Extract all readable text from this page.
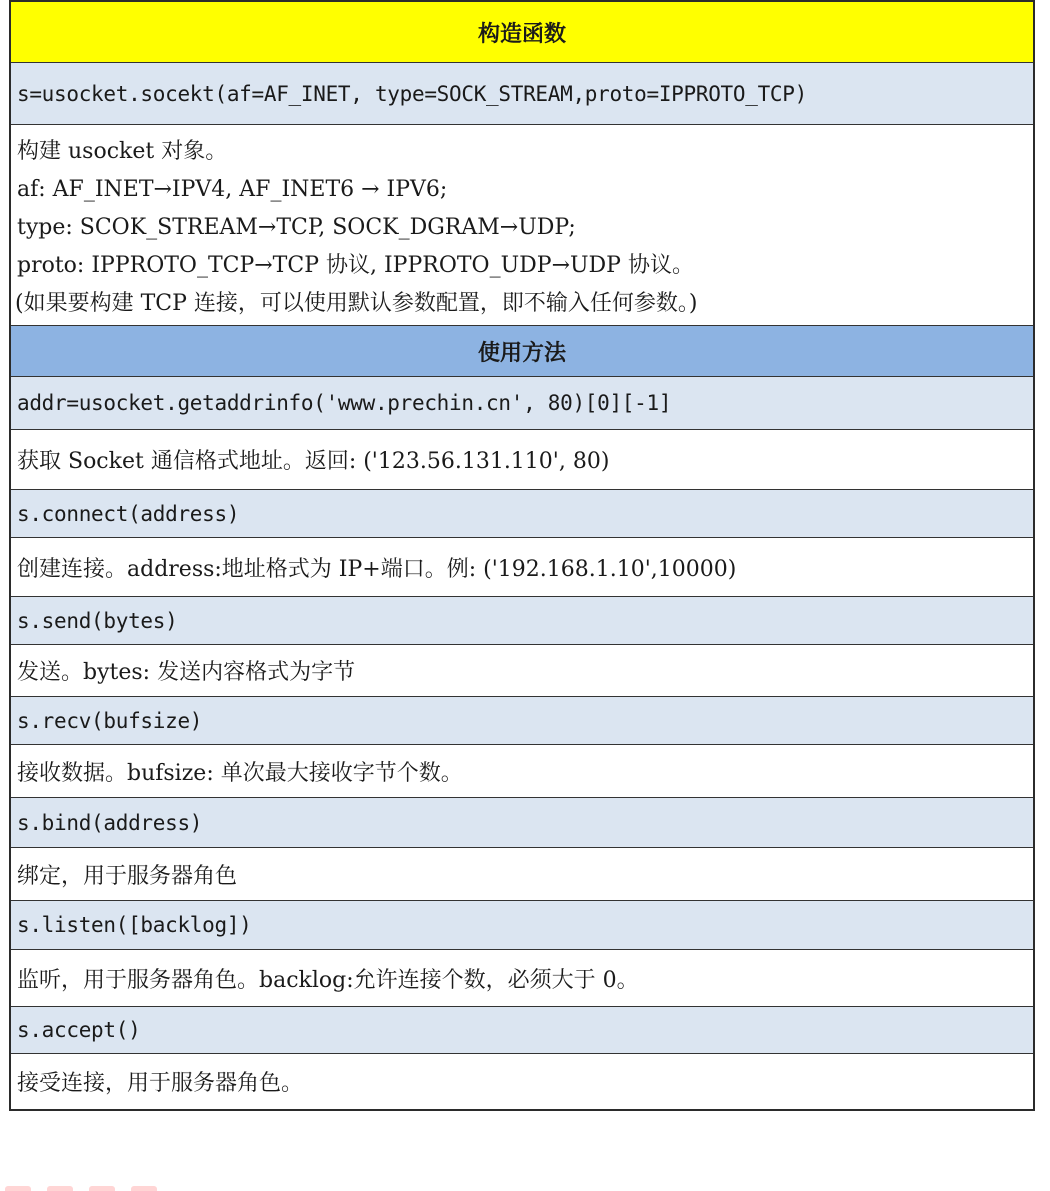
构造函数
s=usocket.socekt(af=AF_INET, type=SOCK_STREAM,proto=IPPROTO_TCP)
构建 usocket 对象。
af: AF_INET→IPV4, AF_INET6 → IPV6;
type: SCOK_STREAM→TCP, SOCK_DGRAM→UDP;
proto: IPPROTO_TCP→TCP 协议, IPPROTO_UDP→UDP 协议。
(如果要构建 TCP 连接，可以使用默认参数配置，即不输入任何参数。)
使用方法
addr=usocket.getaddrinfo('www.prechin.cn', 80)[0][-1]
获取 Socket 通信格式地址。返回: ('123.56.131.110', 80)
s.connect(address)
创建连接。address:地址格式为 IP+端口。例: ('192.168.1.10',10000)
s.send(bytes)
发送。bytes: 发送内容格式为字节
s.recv(bufsize)
接收数据。bufsize: 单次最大接收字节个数。
s.bind(address)
绑定，用于服务器角色
s.listen([backlog])
监听，用于服务器角色。backlog:允许连接个数，必须大于 0。
s.accept()
接受连接，用于服务器角色。
